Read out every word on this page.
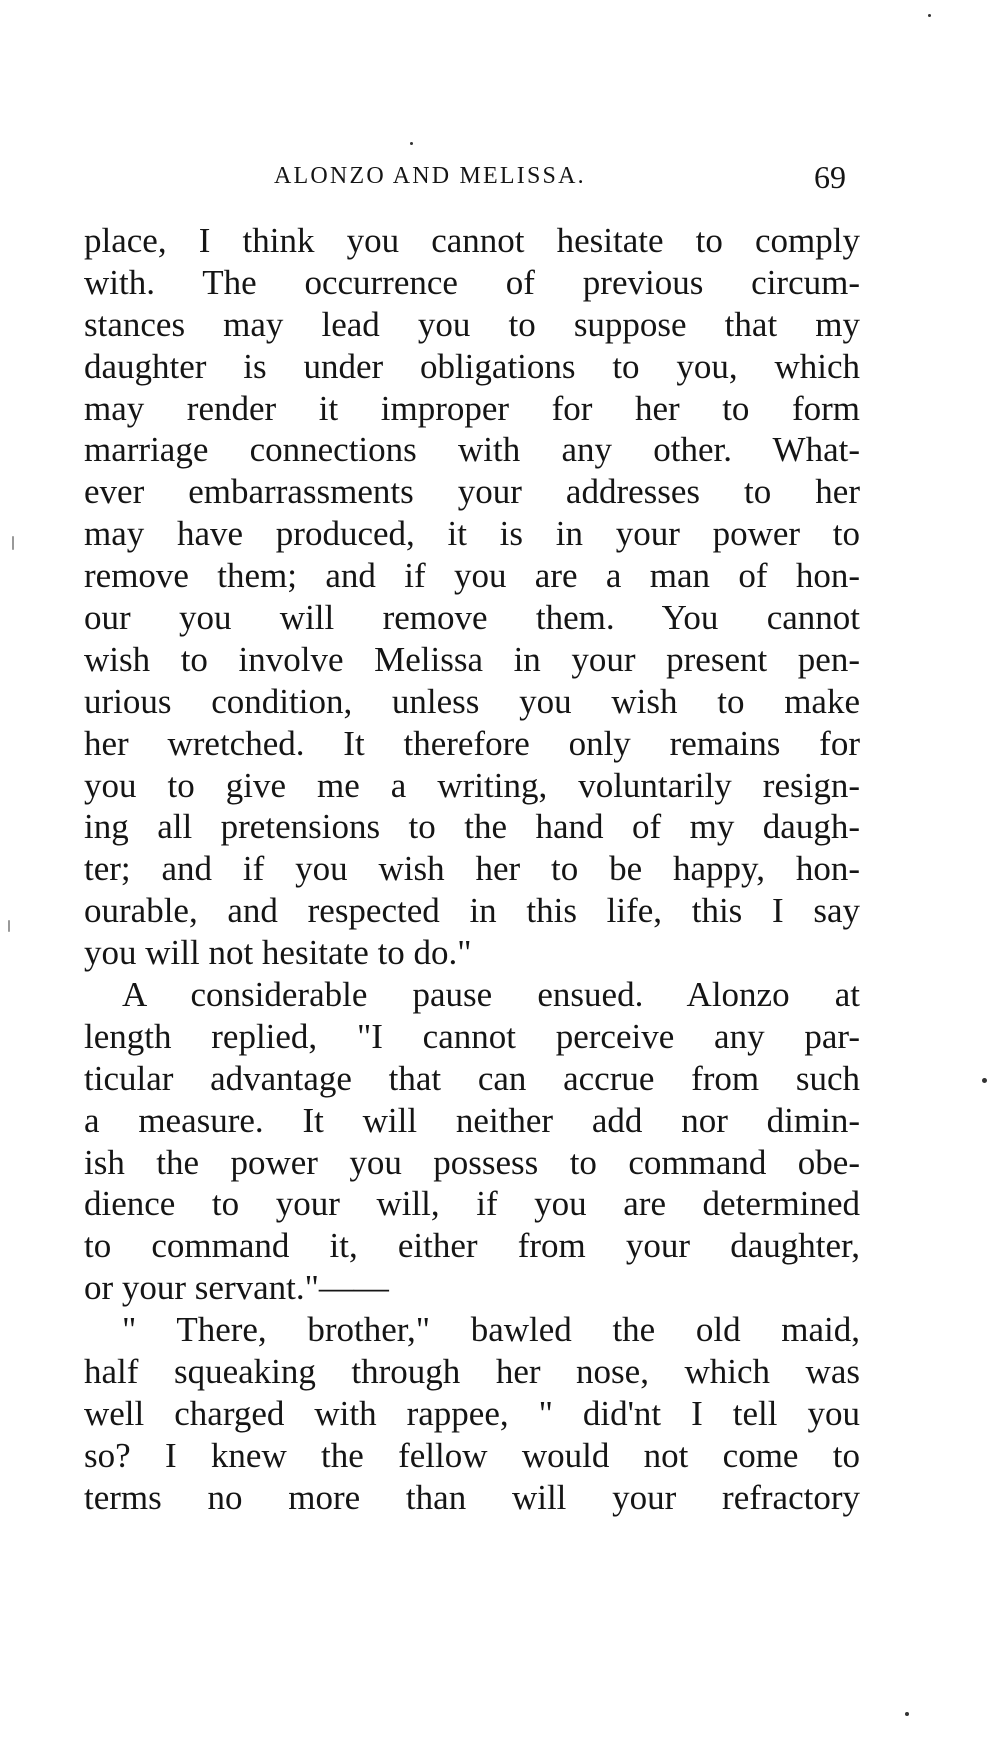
ALONZO AND MELISSA.	69
place, I think you cannot hesitate to comply
with. The occurrence of previous circum-
stances may lead you to suppose that my
daughter is under obligations to you, which
may render it improper for her to form
marriage connections with any other. What-
ever embarrassments your addresses to her
may have produced, it is in your power to
remove them; and if you are a man of hon-
our you will remove them. You cannot
wish to involve Melissa in your present pen-
urious condition, unless you wish to make
her wretched. It therefore only remains for
you to give me a writing, voluntarily resign-
ing all pretensions to the hand of my daugh-
ter; and if you wish her to be happy, hon-
ourable, and respected in this life, this I say
you will not hesitate to do."
A considerable pause ensued. Alonzo at
length replied, "I cannot perceive any par-
ticular advantage that can accrue from such
a measure. It will neither add nor dimin-
ish the power you possess to command obe-
dience to your will, if you are determined
to command it, either from your daughter,
or your servant."——
" There, brother," bawled the old maid,
half squeaking through her nose, which was
well charged with rappee, " did'nt I tell you
so? I knew the fellow would not come to
terms no more than will your refractory
